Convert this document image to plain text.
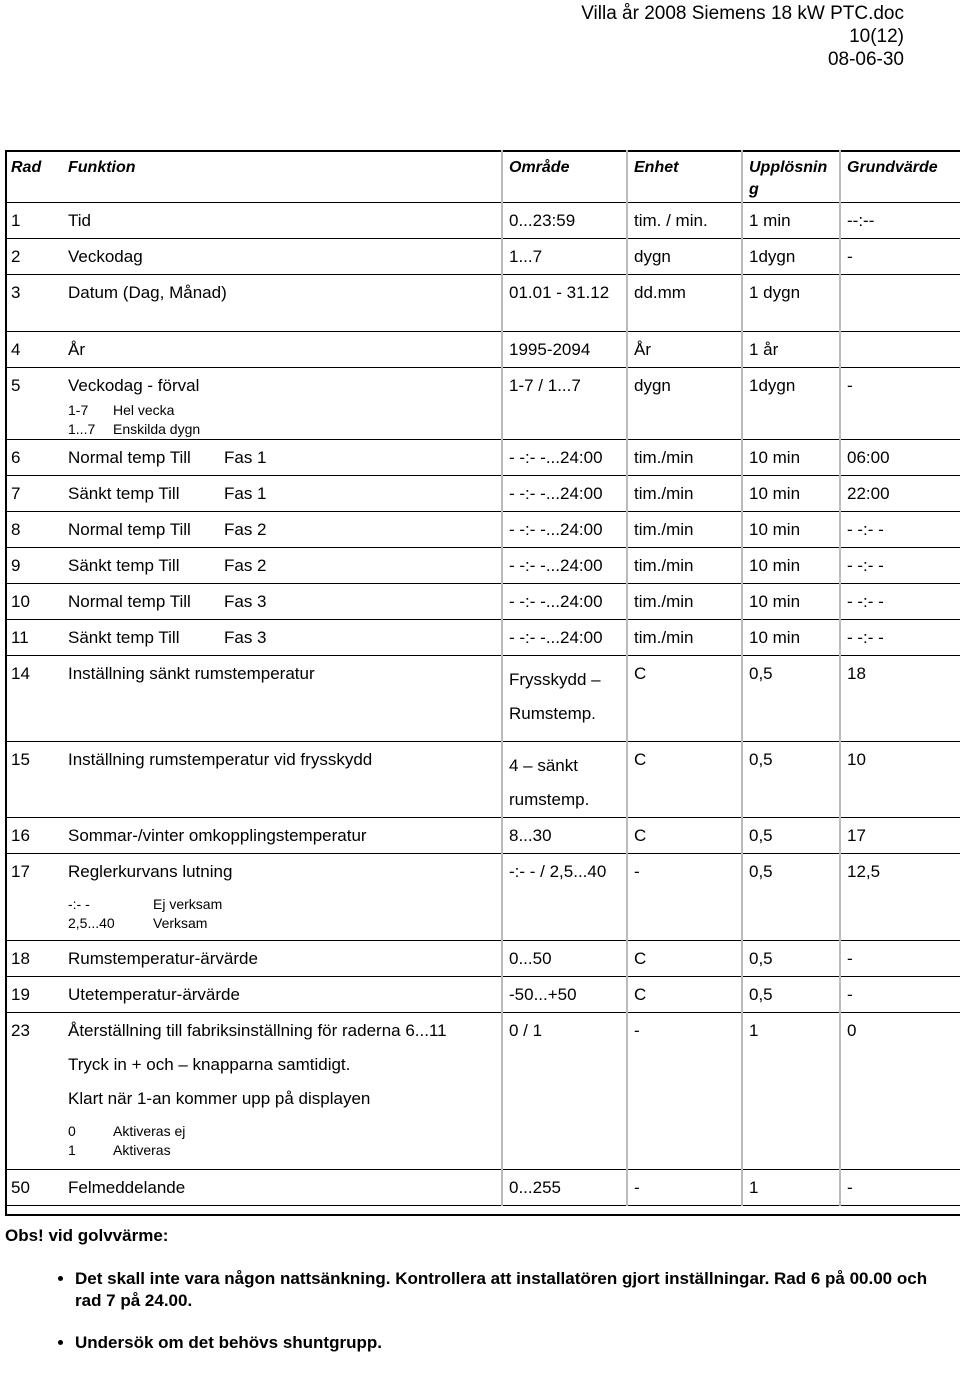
Villa år 2008 Siemens 18 kW PTC.doc
10(12)
08-06-30
Rad	Funktion	Område	Enhet	Upplösnin g	Grundvärde

1	Tid	0...23:59	tim. / min.	1 min	--:--

2	Veckodag	1...7	dygn	1dygn	-

3	Datum (Dag, Månad)	01.01 - 31.12	dd.mm	1 dygn	

4	År	1995-2094	År	1 år	

5	Veckodag - förval
1-7 Hel vecka
1...7 Enskilda dygn	1-7 / 1...7	dygn	1dygn	-

6	Normal temp Till Fas 1	- -:- -...24:00	tim./min	10 min	06:00

7	Sänkt temp Till Fas 1	- -:- -...24:00	tim./min	10 min	22:00

8	Normal temp Till Fas 2	- -:- -...24:00	tim./min	10 min	- -:- -

9	Sänkt temp Till Fas 2	- -:- -...24:00	tim./min	10 min	- -:- -

10	Normal temp Till Fas 3	- -:- -...24:00	tim./min	10 min	- -:- -

11	Sänkt temp Till Fas 3	- -:- -...24:00	tim./min	10 min	- -:- -

14	Inställning sänkt rumstemperatur	Frysskydd – Rumstemp.	C	0,5	18

15	Inställning rumstemperatur vid frysskydd	4 – sänkt rumstemp.	C	0,5	10

16	Sommar-/vinter omkopplingstemperatur	8...30	C	0,5	17

17	Reglerkurvans lutning
-:- - Ej verksam
2,5...40 Verksam	-:- - / 2,5...40	-	0,5	12,5

18	Rumstemperatur-ärvärde	0...50	C	0,5	-

19	Utetemperatur-ärvärde	-50...+50	C	0,5	-

23	Återställning till fabriksinställning för raderna 6...11
Tryck in + och – knapparna samtidigt.
Klart när 1-an kommer upp på displayen
0 Aktiveras ej
1 Aktiveras	0 / 1	-	1	0

50	Felmeddelande	0...255	-	1	-
Obs! vid golvvärme:
• Det skall inte vara någon nattsänkning. Kontrollera att installatören gjort inställningar. Rad 6 på 00.00 och rad 7 på 24.00.
• Undersök om det behövs shuntgrupp.
